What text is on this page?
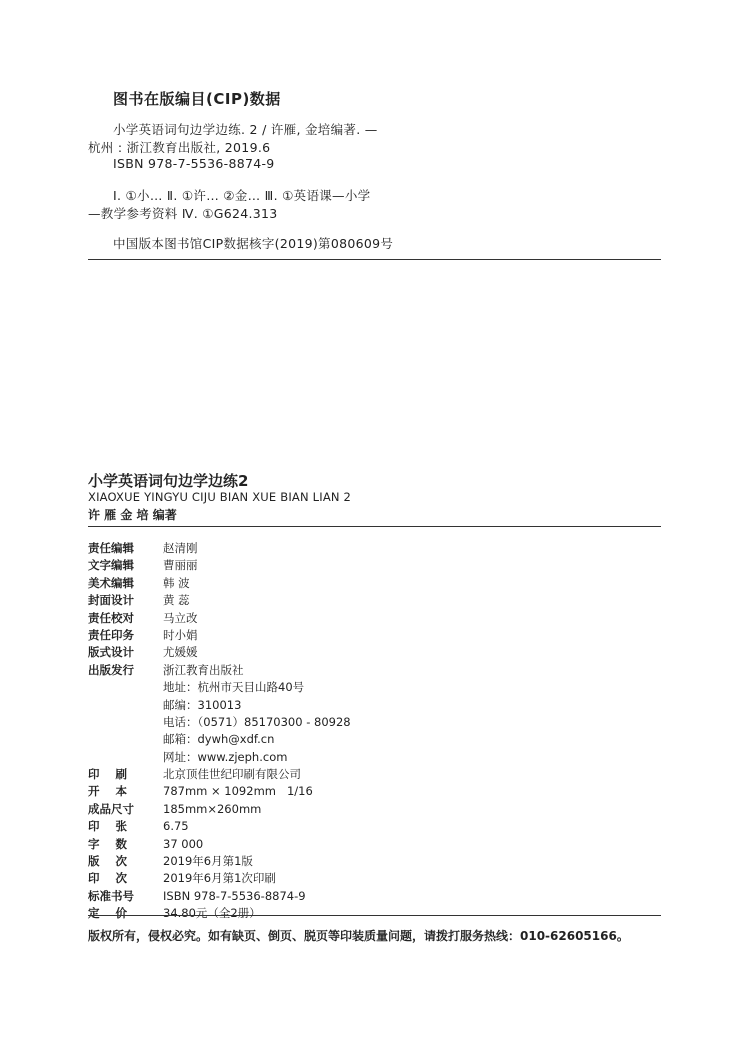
图书在版编目(CIP)数据
小学英语词句边学边练. 2 / 许雁, 金培编著. —
杭州 : 浙江教育出版社, 2019.6
ISBN 978-7-5536-8874-9
Ⅰ. ①小… Ⅱ. ①许… ②金… Ⅲ. ①英语课—小学
—教学参考资料 Ⅳ. ①G624.313
中国版本图书馆CIP数据核字(2019)第080609号
小学英语词句边学边练2
XIAOXUE YINGYU CIJU BIAN XUE BIAN LIAN 2
许 雁 金 培 编著
责任编辑	赵清刚
文字编辑	曹丽丽
美术编辑	韩 波
封面设计	黄 蕊
责任校对	马立改
责任印务	时小娟
版式设计	尤媛媛
出版发行	浙江教育出版社
地址：杭州市天目山路40号
邮编：310013
电话：（0571）85170300 - 80928
邮箱：dywh@xdf.cn
网址：www.zjeph.com
印    刷	北京顶佳世纪印刷有限公司
开    本	787mm × 1092mm   1/16
成品尺寸	185mm×260mm
印    张	6.75
字    数	37 000
版    次	2019年6月第1版
印    次	2019年6月第1次印刷
标准书号	ISBN 978-7-5536-8874-9
定    价	34.80元（全2册）
版权所有，侵权必究。如有缺页、倒页、脱页等印装质量问题，请拨打服务热线：010-62605166。
